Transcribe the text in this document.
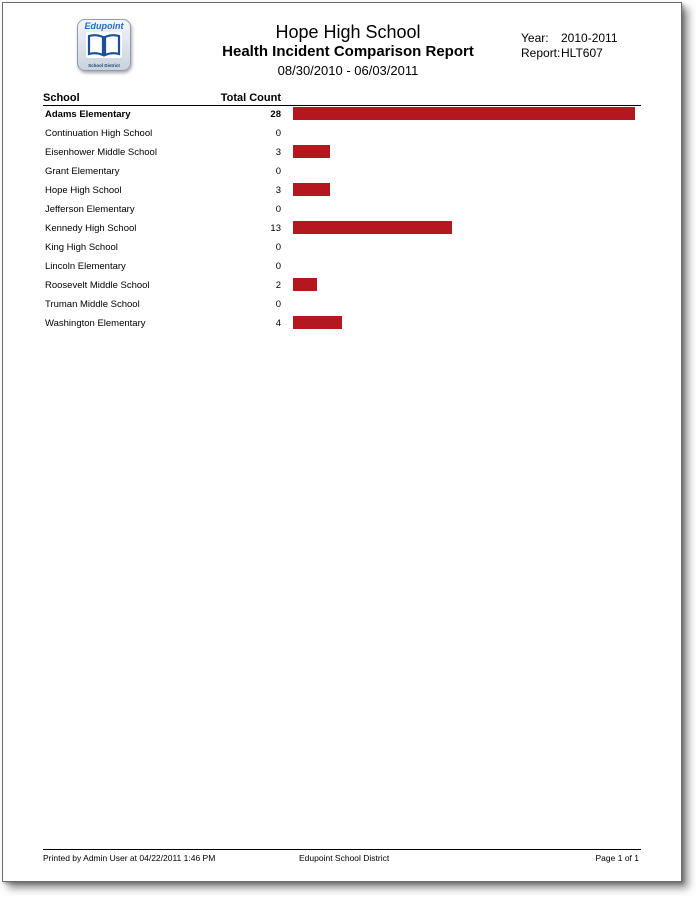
Edupoint
School District
Hope High School
Health Incident Comparison Report
08/30/2010 - 06/03/2011
Year: 2010-2011
Report: HLT607
School	Total Count
Adams Elementary	28
Continuation High School	0
Eisenhower Middle School	3
Grant Elementary	0
Hope High School	3
Jefferson Elementary	0
Kennedy High School	13
King High School	0
Lincoln Elementary	0
Roosevelt Middle School	2
Truman Middle School	0
Washington Elementary	4
Printed by Admin User at 04/22/2011 1:46 PM	Edupoint School District	Page 1 of 1
